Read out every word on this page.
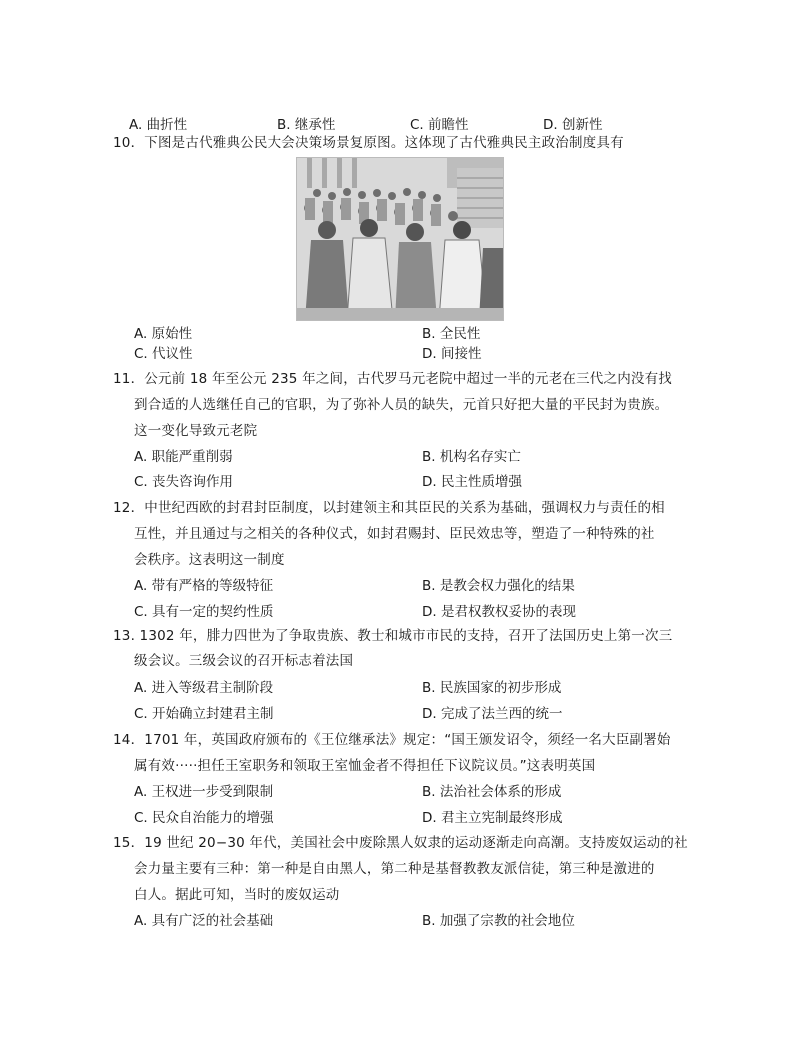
A. 曲折性	B. 继承性	C. 前瞻性	D. 创新性
10．下图是古代雅典公民大会决策场景复原图。这体现了古代雅典民主政治制度具有
A. 原始性	B. 全民性
C. 代议性	D. 间接性
11．公元前 18 年至公元 235 年之间，古代罗马元老院中超过一半的元老在三代之内没有找
到合适的人选继任自己的官职，为了弥补人员的缺失，元首只好把大量的平民封为贵族。
这一变化导致元老院
A. 职能严重削弱	B. 机构名存实亡
C. 丧失咨询作用	D. 民主性质增强
12．中世纪西欧的封君封臣制度，以封建领主和其臣民的关系为基础，强调权力与责任的相
互性，并且通过与之相关的各种仪式，如封君赐封、臣民效忠等，塑造了一种特殊的社
会秩序。这表明这一制度
A. 带有严格的等级特征	B. 是教会权力强化的结果
C. 具有一定的契约性质	D. 是君权教权妥协的表现
13. 1302 年，腓力四世为了争取贵族、教士和城市市民的支持，召开了法国历史上第一次三
级会议。三级会议的召开标志着法国
A. 进入等级君主制阶段	B. 民族国家的初步形成
C. 开始确立封建君主制	D. 完成了法兰西的统一
14．1701 年，英国政府颁布的《王位继承法》规定：“国王颁发诏令，须经一名大臣副署始
属有效·····担任王室职务和领取王室恤金者不得担任下议院议员。”这表明英国
A. 王权进一步受到限制	B. 法治社会体系的形成
C. 民众自治能力的增强	D. 君主立宪制最终形成
15．19 世纪 20−30 年代，美国社会中废除黑人奴隶的运动逐渐走向高潮。支持废奴运动的社
会力量主要有三种：第一种是自由黑人，第二种是基督教教友派信徒，第三种是激进的
白人。据此可知，当时的废奴运动
A. 具有广泛的社会基础	B. 加强了宗教的社会地位
